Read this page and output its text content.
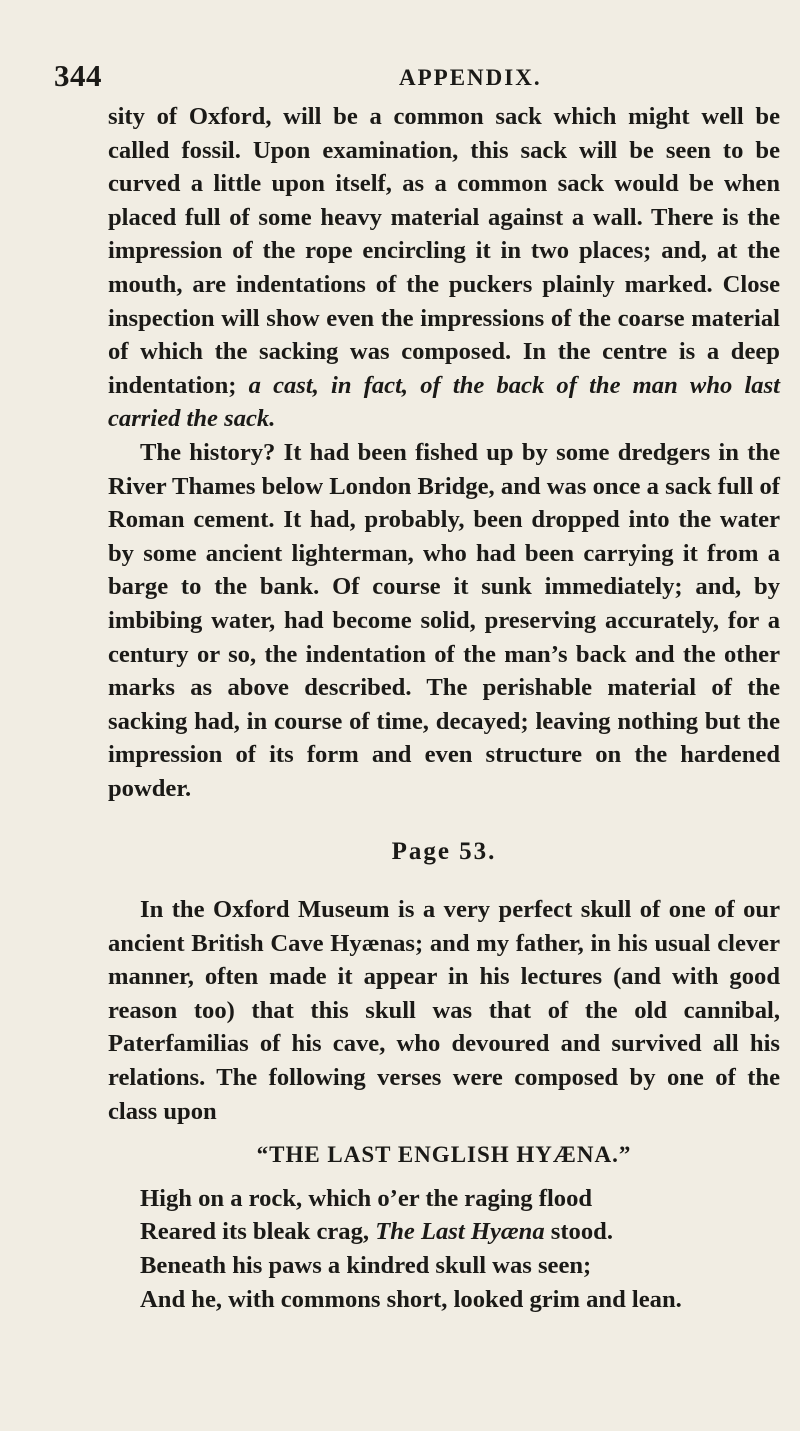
344	APPENDIX.

sity of Oxford, will be a common sack which might well be called fossil. Upon examination, this sack will be seen to be curved a little upon itself, as a common sack would be when placed full of some heavy material against a wall. There is the impression of the rope encircling it in two places; and, at the mouth, are indentations of the puckers plainly marked. Close inspection will show even the impressions of the coarse material of which the sacking was composed. In the centre is a deep indentation; a cast, in fact, of the back of the man who last carried the sack.

The history? It had been fished up by some dredgers in the River Thames below London Bridge, and was once a sack full of Roman cement. It had, probably, been dropped into the water by some ancient lighterman, who had been carrying it from a barge to the bank. Of course it sunk immediately; and, by imbibing water, had become solid, preserving accurately, for a century or so, the indentation of the man’s back and the other marks as above described. The perishable material of the sacking had, in course of time, decayed; leaving nothing but the impression of its form and even structure on the hardened powder.

Page 53.

In the Oxford Museum is a very perfect skull of one of our ancient British Cave Hyænas; and my father, in his usual clever manner, often made it appear in his lectures (and with good reason too) that this skull was that of the old cannibal, Paterfamilias of his cave, who devoured and survived all his relations. The following verses were composed by one of the class upon

“THE LAST ENGLISH HYÆNA.”
High on a rock, which o’er the raging flood
Reared its bleak crag, The Last Hyæna stood.
Beneath his paws a kindred skull was seen;
And he, with commons short, looked grim and lean.
